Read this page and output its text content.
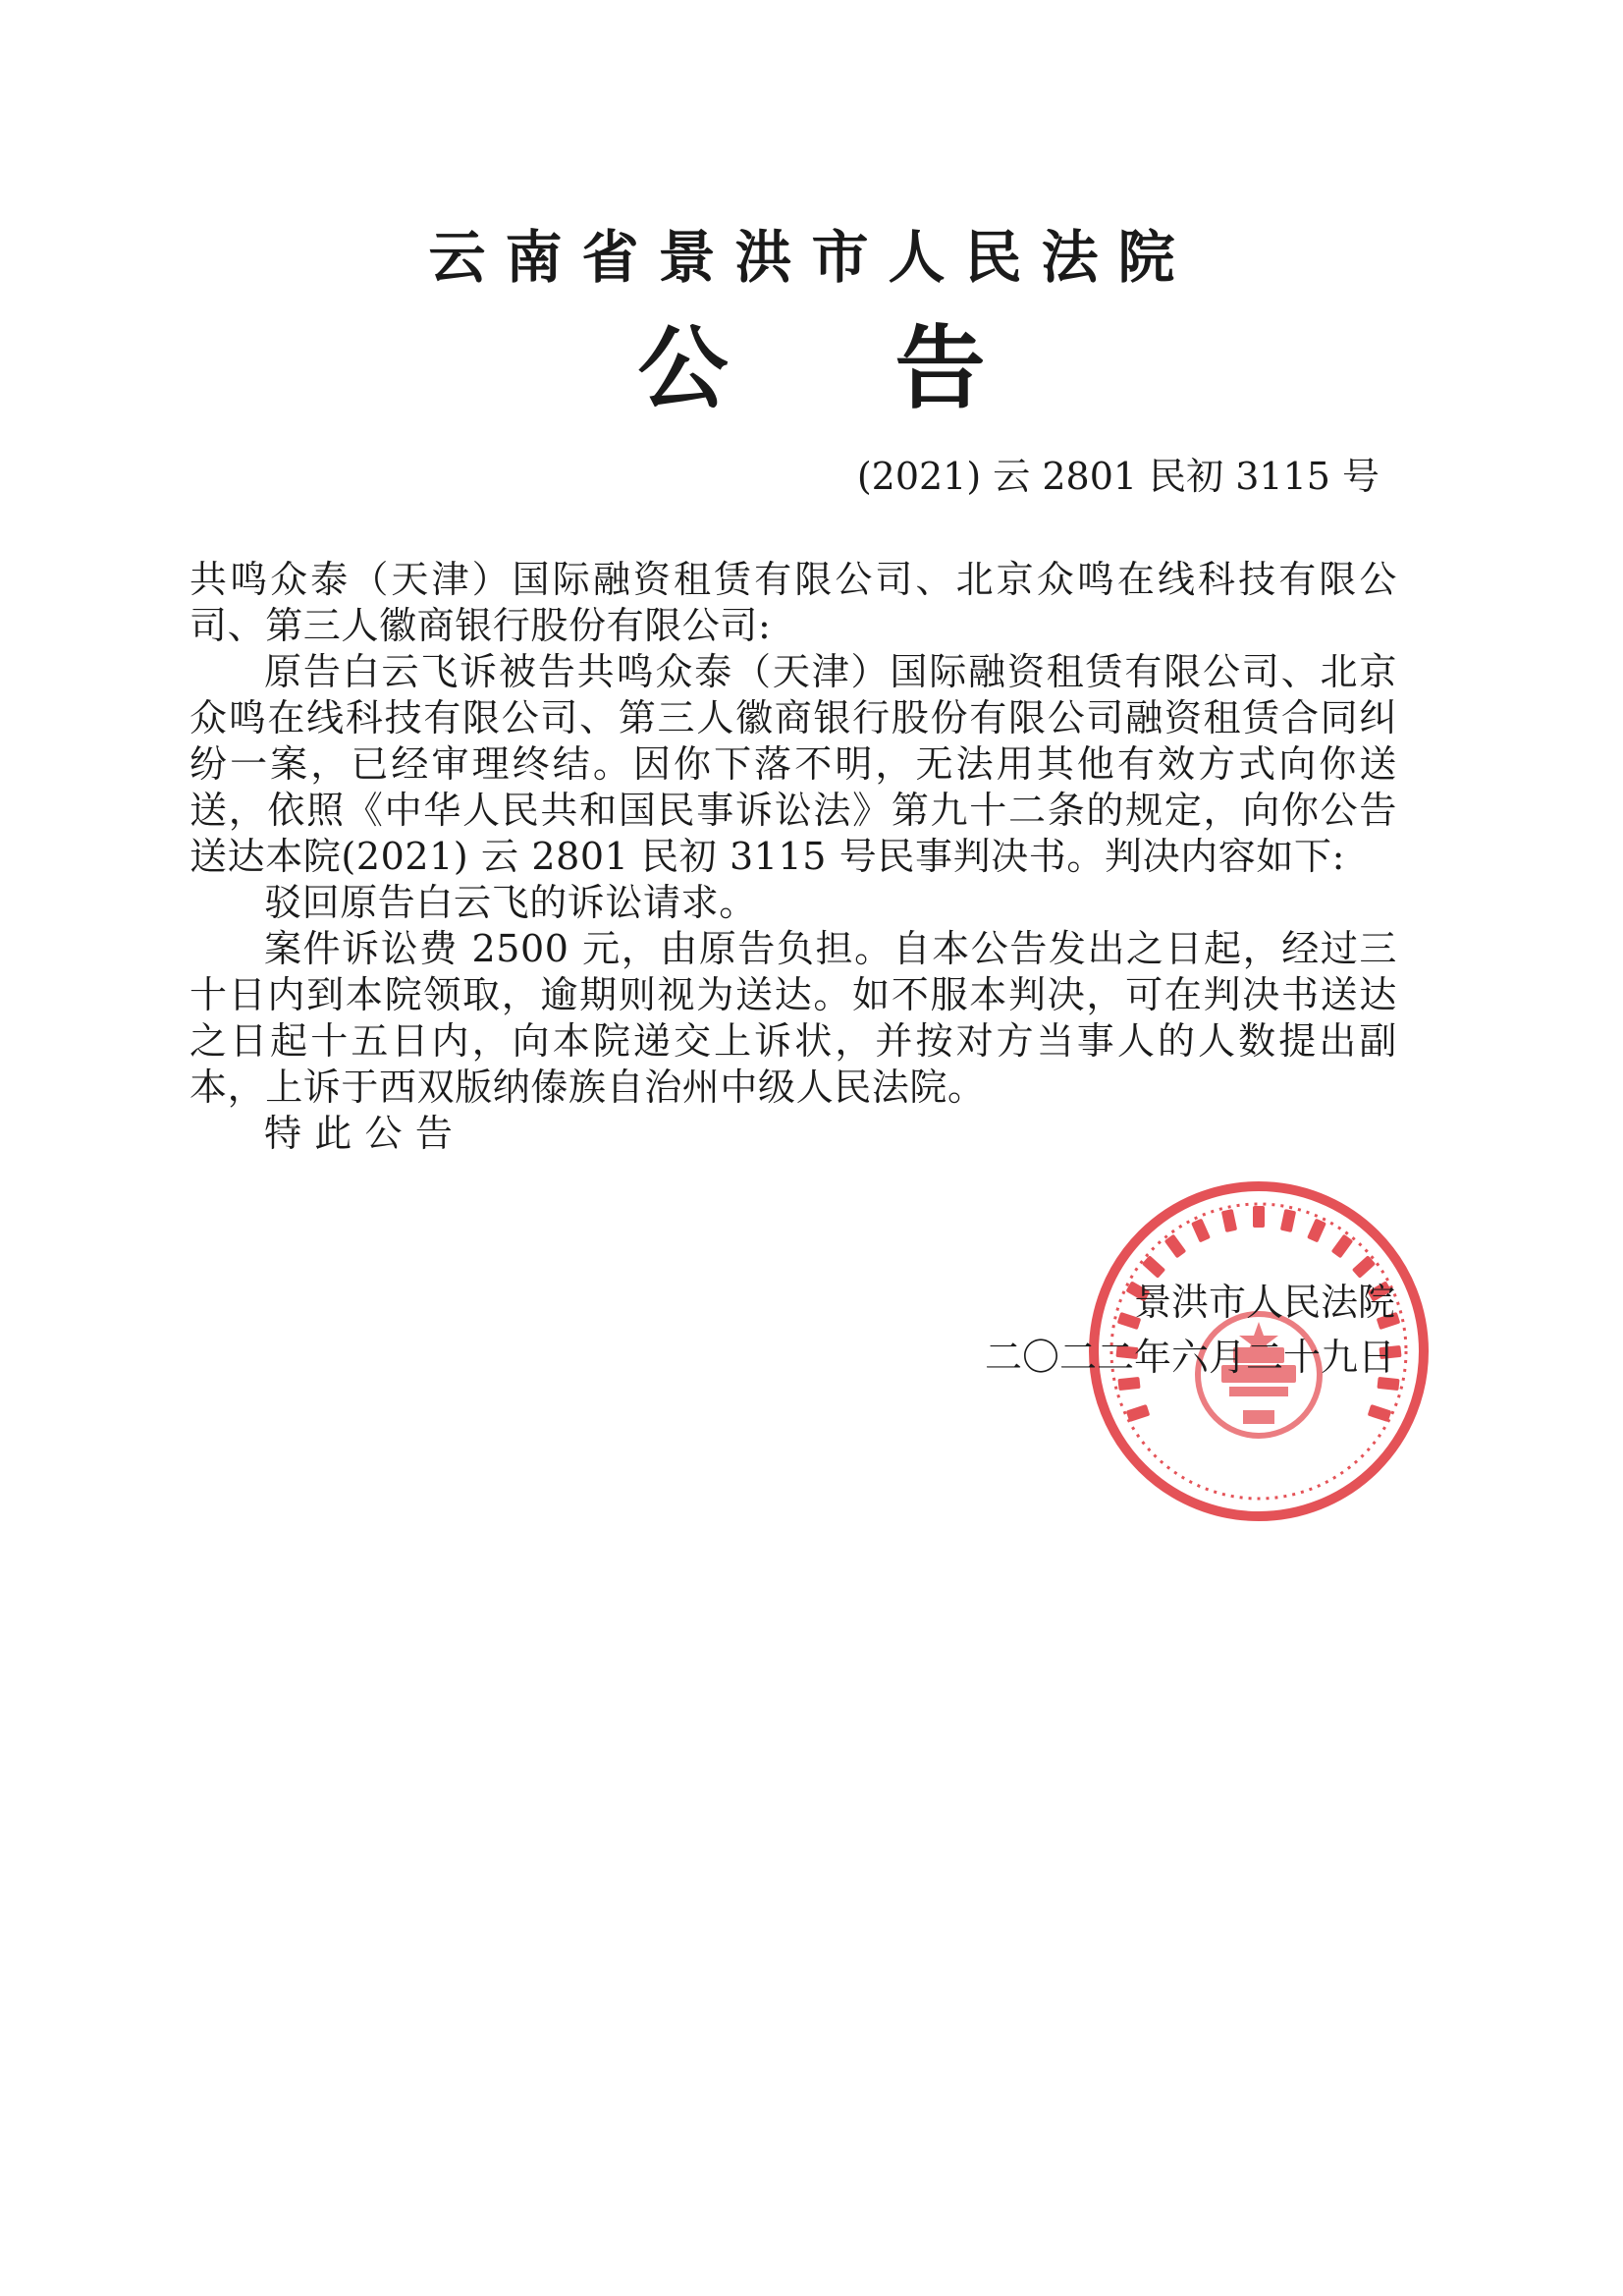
云南省景洪市人民法院
公 告
(2021) 云 2801 民初 3115 号

共鸣众泰（天津）国际融资租赁有限公司、北京众鸣在线科技有限公司、第三人徽商银行股份有限公司:

原告白云飞诉被告共鸣众泰（天津）国际融资租赁有限公司、北京众鸣在线科技有限公司、第三人徽商银行股份有限公司融资租赁合同纠纷一案，已经审理终结。因你下落不明，无法用其他有效方式向你送送，依照《中华人民共和国民事诉讼法》第九十二条的规定，向你公告送达本院(2021) 云 2801 民初 3115 号民事判决书。判决内容如下:

驳回原告白云飞的诉讼请求。

案件诉讼费 2500 元，由原告负担。自本公告发出之日起，经过三十日内到本院领取，逾期则视为送达。如不服本判决，可在判决书送达之日起十五日内，向本院递交上诉状，并按对方当事人的人数提出副本，上诉于西双版纳傣族自治州中级人民法院。

特 此 公 告

景洪市人民法院
二〇二二年六月二十九日
